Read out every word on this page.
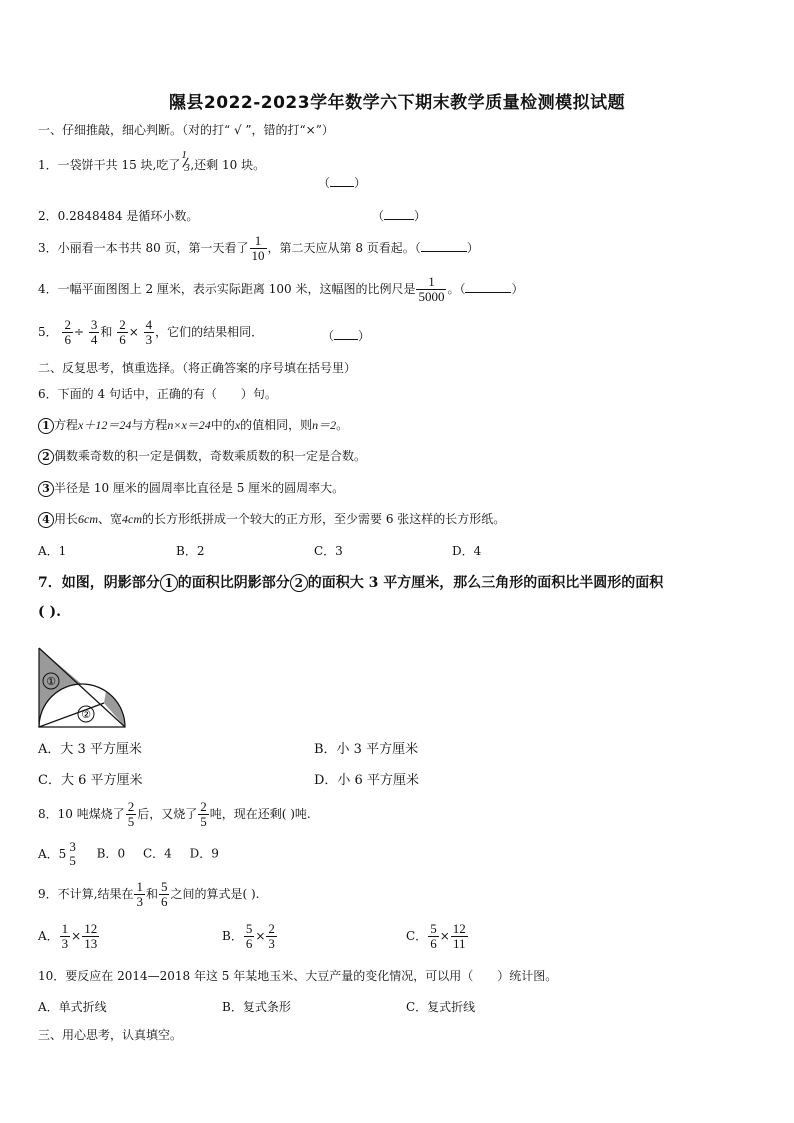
隰县2022-2023学年数学六下期末教学质量检测模拟试题
一、仔细推敲，细心判断。（对的打“ √ ”，错的打“×”）
1．一袋饼干共 15 块,吃了
1
3 ,还剩 10 块。
（ ）
2．0.2848484 是循环小数。	（	）
3．小丽看一本书共 80 页，第一天看了 $\frac{1}{10}$ ，第二天应从第 8 页看起。（	）
4．一幅平面图图上 2 厘米，表示实际距离 100 米，这幅图的比例尺是 $\frac{1}{5000}$ 。（	）
5． $\frac{2}{6} \div \frac{3}{4}$ 和 $\frac{2}{6} \times \frac{4}{3}$ ，它们的结果相同．	（ ）
二、反复思考，慎重选择。（将正确答案的序号填在括号里）
6．下面的 4 句话中，正确的有（　　）句。
1 方程x＋12＝24与方程n×x＝24中的x的值相同，则n＝2。
2 偶数乘奇数的积一定是偶数，奇数乘质数的积一定是合数。
3 半径是 10 厘米的圆周率比直径是 5 厘米的圆周率大。
4 用长6cm、宽4cm的长方形纸拼成一个较大的正方形，至少需要 6 张这样的长方形纸。
A．1	B．2	C．3	D．4
7．如图，阴影部分 1 的面积比阴影部分 2 的面积大 3 平方厘米，那么三角形的面积比半圆形的面积
( ).
①
②
A．大 3 平方厘米	B．小 3 平方厘米
C．大 6 平方厘米	D．小 6 平方厘米
8．10 吨煤烧了 $\frac{2}{5}$ 后，又烧了 $\frac{2}{5}$ 吨，现在还剩( )吨.
A．5 3
5 B．0 C．4 D．9
9．不计算,结果在 $\frac{1}{3}$ 和 $\frac{5}{6}$ 之间的算式是( ).
A． $\frac{1}{3} \times \frac{12}{13}$	B． $\frac{5}{6} \times \frac{2}{3}$	C． $\frac{5}{6} \times \frac{12}{11}$
10．要反应在 2014—2018 年这 5 年某地玉米、大豆产量的变化情况，可以用（　　）统计图。
A．单式折线	B．复式条形	C．复式折线
三、用心思考，认真填空。
